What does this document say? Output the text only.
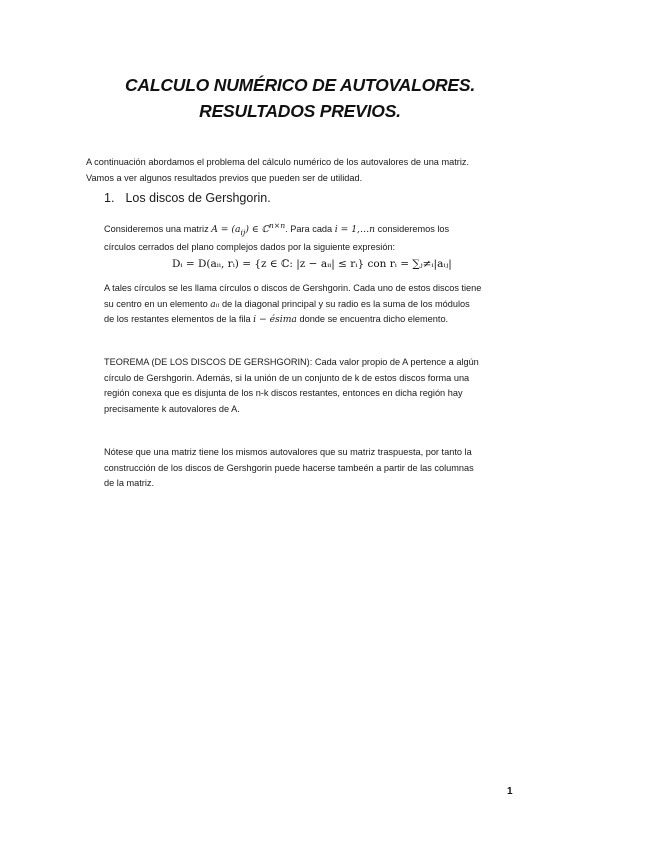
CALCULO NUMÉRICO DE AUTOVALORES.
RESULTADOS PREVIOS.
A continuación abordamos el problema del cálculo numérico de los autovalores de una matriz.
Vamos a ver algunos resultados previos que pueden ser de utilidad.
1. Los discos de Gershgorin.
Consideremos una matriz $A = (a_{ij})$ ∈ ℂ$^{n\times n}$. Para cada i = 1,…n consideremos los
círculos cerrados del plano complejos dados por la siguiente expresión:
Dᵢ = D(aᵢᵢ, rᵢ) = {z ∈ ℂ: |z − aᵢᵢ| ≤ rᵢ} con rᵢ = ∑ⱼ≠ᵢ|aᵢⱼ|
A tales círculos se les llama círculos o discos de Gershgorin. Cada uno de estos discos tiene
su centro en un elemento aᵢᵢ de la diagonal principal y su radio es la suma de los módulos
de los restantes elementos de la fila i − ésima donde se encuentra dicho elemento.
TEOREMA (DE LOS DISCOS DE GERSHGORIN): Cada valor propio de A pertence a algún
círculo de Gershgorin. Además, si la unión de un conjunto de k de estos discos forma una
región conexa que es disjunta de los n-k discos restantes, entonces en dicha región hay
precisamente k autovalores de A.
Nótese que una matriz tiene los mismos autovalores que su matriz traspuesta, por tanto la
construcción de los discos de Gershgorin puede hacerse tambeén a partir de las columnas
de la matriz.
1
